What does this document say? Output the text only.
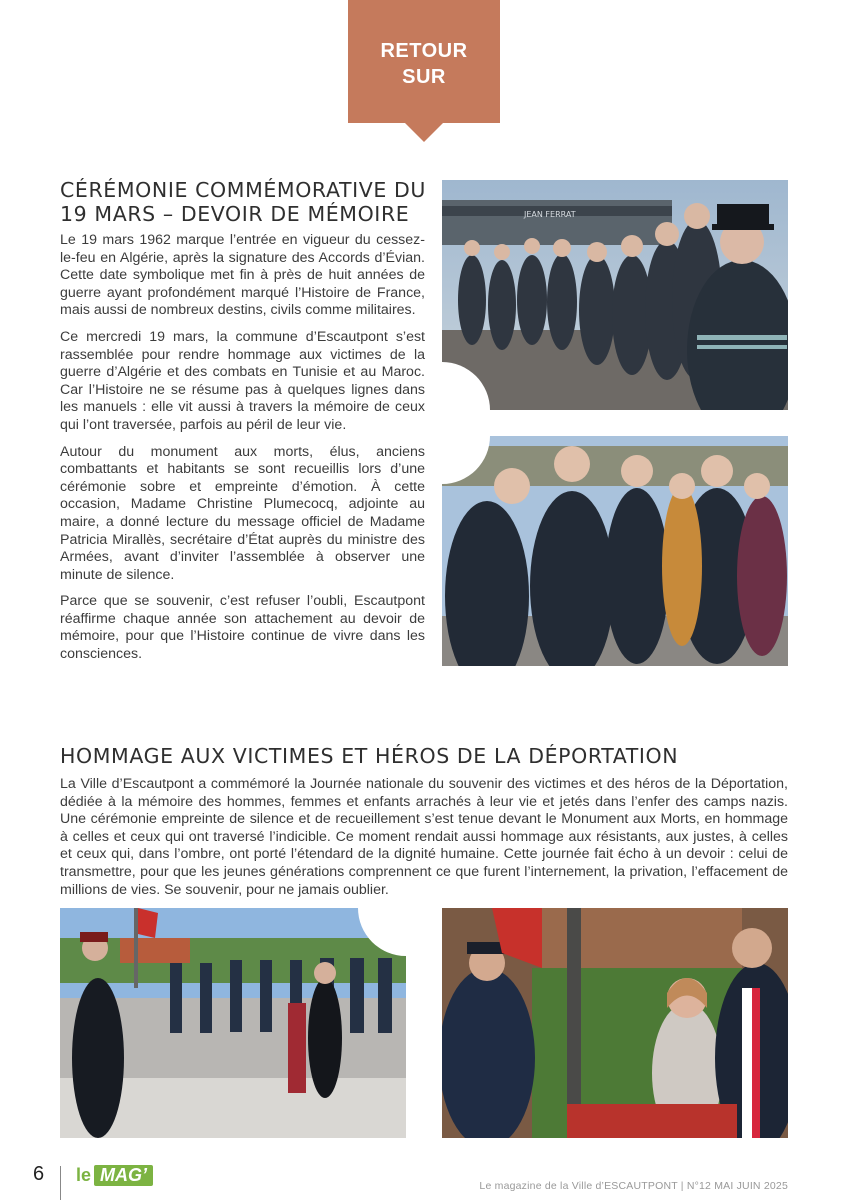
RETOUR
SUR
CÉRÉMONIE COMMÉMORATIVE DU 19 MARS – DEVOIR DE MÉMOIRE

Le 19 mars 1962 marque l’entrée en vigueur du cessez-le-feu en Algérie, après la signature des Accords d’Évian. Cette date symbolique met fin à près de huit années de guerre ayant profondément marqué l’Histoire de France, mais aussi de nombreux destins, civils comme militaires.

Ce mercredi 19 mars, la commune d’Escautpont s’est rassemblée pour rendre hommage aux victimes de la guerre d’Algérie et des combats en Tunisie et au Maroc. Car l’Histoire ne se résume pas à quelques lignes dans les manuels : elle vit aussi à travers la mémoire de ceux qui l’ont traversée, parfois au péril de leur vie.

Autour du monument aux morts, élus, anciens combattants et habitants se sont recueillis lors d’une cérémonie sobre et empreinte d’émotion. À cette occasion, Madame Christine Plumecocq, adjointe au maire, a donné lecture du message officiel de Madame Patricia Mirallès, secrétaire d’État auprès du ministre des Armées, avant d’inviter l’assemblée à observer une minute de silence.

Parce que se souvenir, c’est refuser l’oubli, Escautpont réaffirme chaque année son attachement au devoir de mémoire, pour que l’Histoire continue de vivre dans les consciences.

JEAN FERRAT
HOMMAGE AUX VICTIMES ET HÉROS DE LA DÉPORTATION

La Ville d’Escautpont a commémoré la Journée nationale du souvenir des victimes et des héros de la Déportation, dédiée à la mémoire des hommes, femmes et enfants arrachés à leur vie et jetés dans l’enfer des camps nazis. Une cérémonie empreinte de silence et de recueillement s’est tenue devant le Monument aux Morts, en hommage à celles et ceux qui ont traversé l’indicible. Ce moment rendait aussi hommage aux résistants, aux justes, à celles et ceux qui, dans l’ombre, ont porté l’étendard de la dignité humaine. Cette journée fait écho à un devoir : celui de transmettre, pour que les jeunes générations comprennent ce que furent l’internement, la privation, l’effacement de millions de vies. Se souvenir, pour ne jamais oublier.

6 le MAG’
Le magazine de la Ville d’ESCAUTPONT | N°12 MAI JUIN 2025
